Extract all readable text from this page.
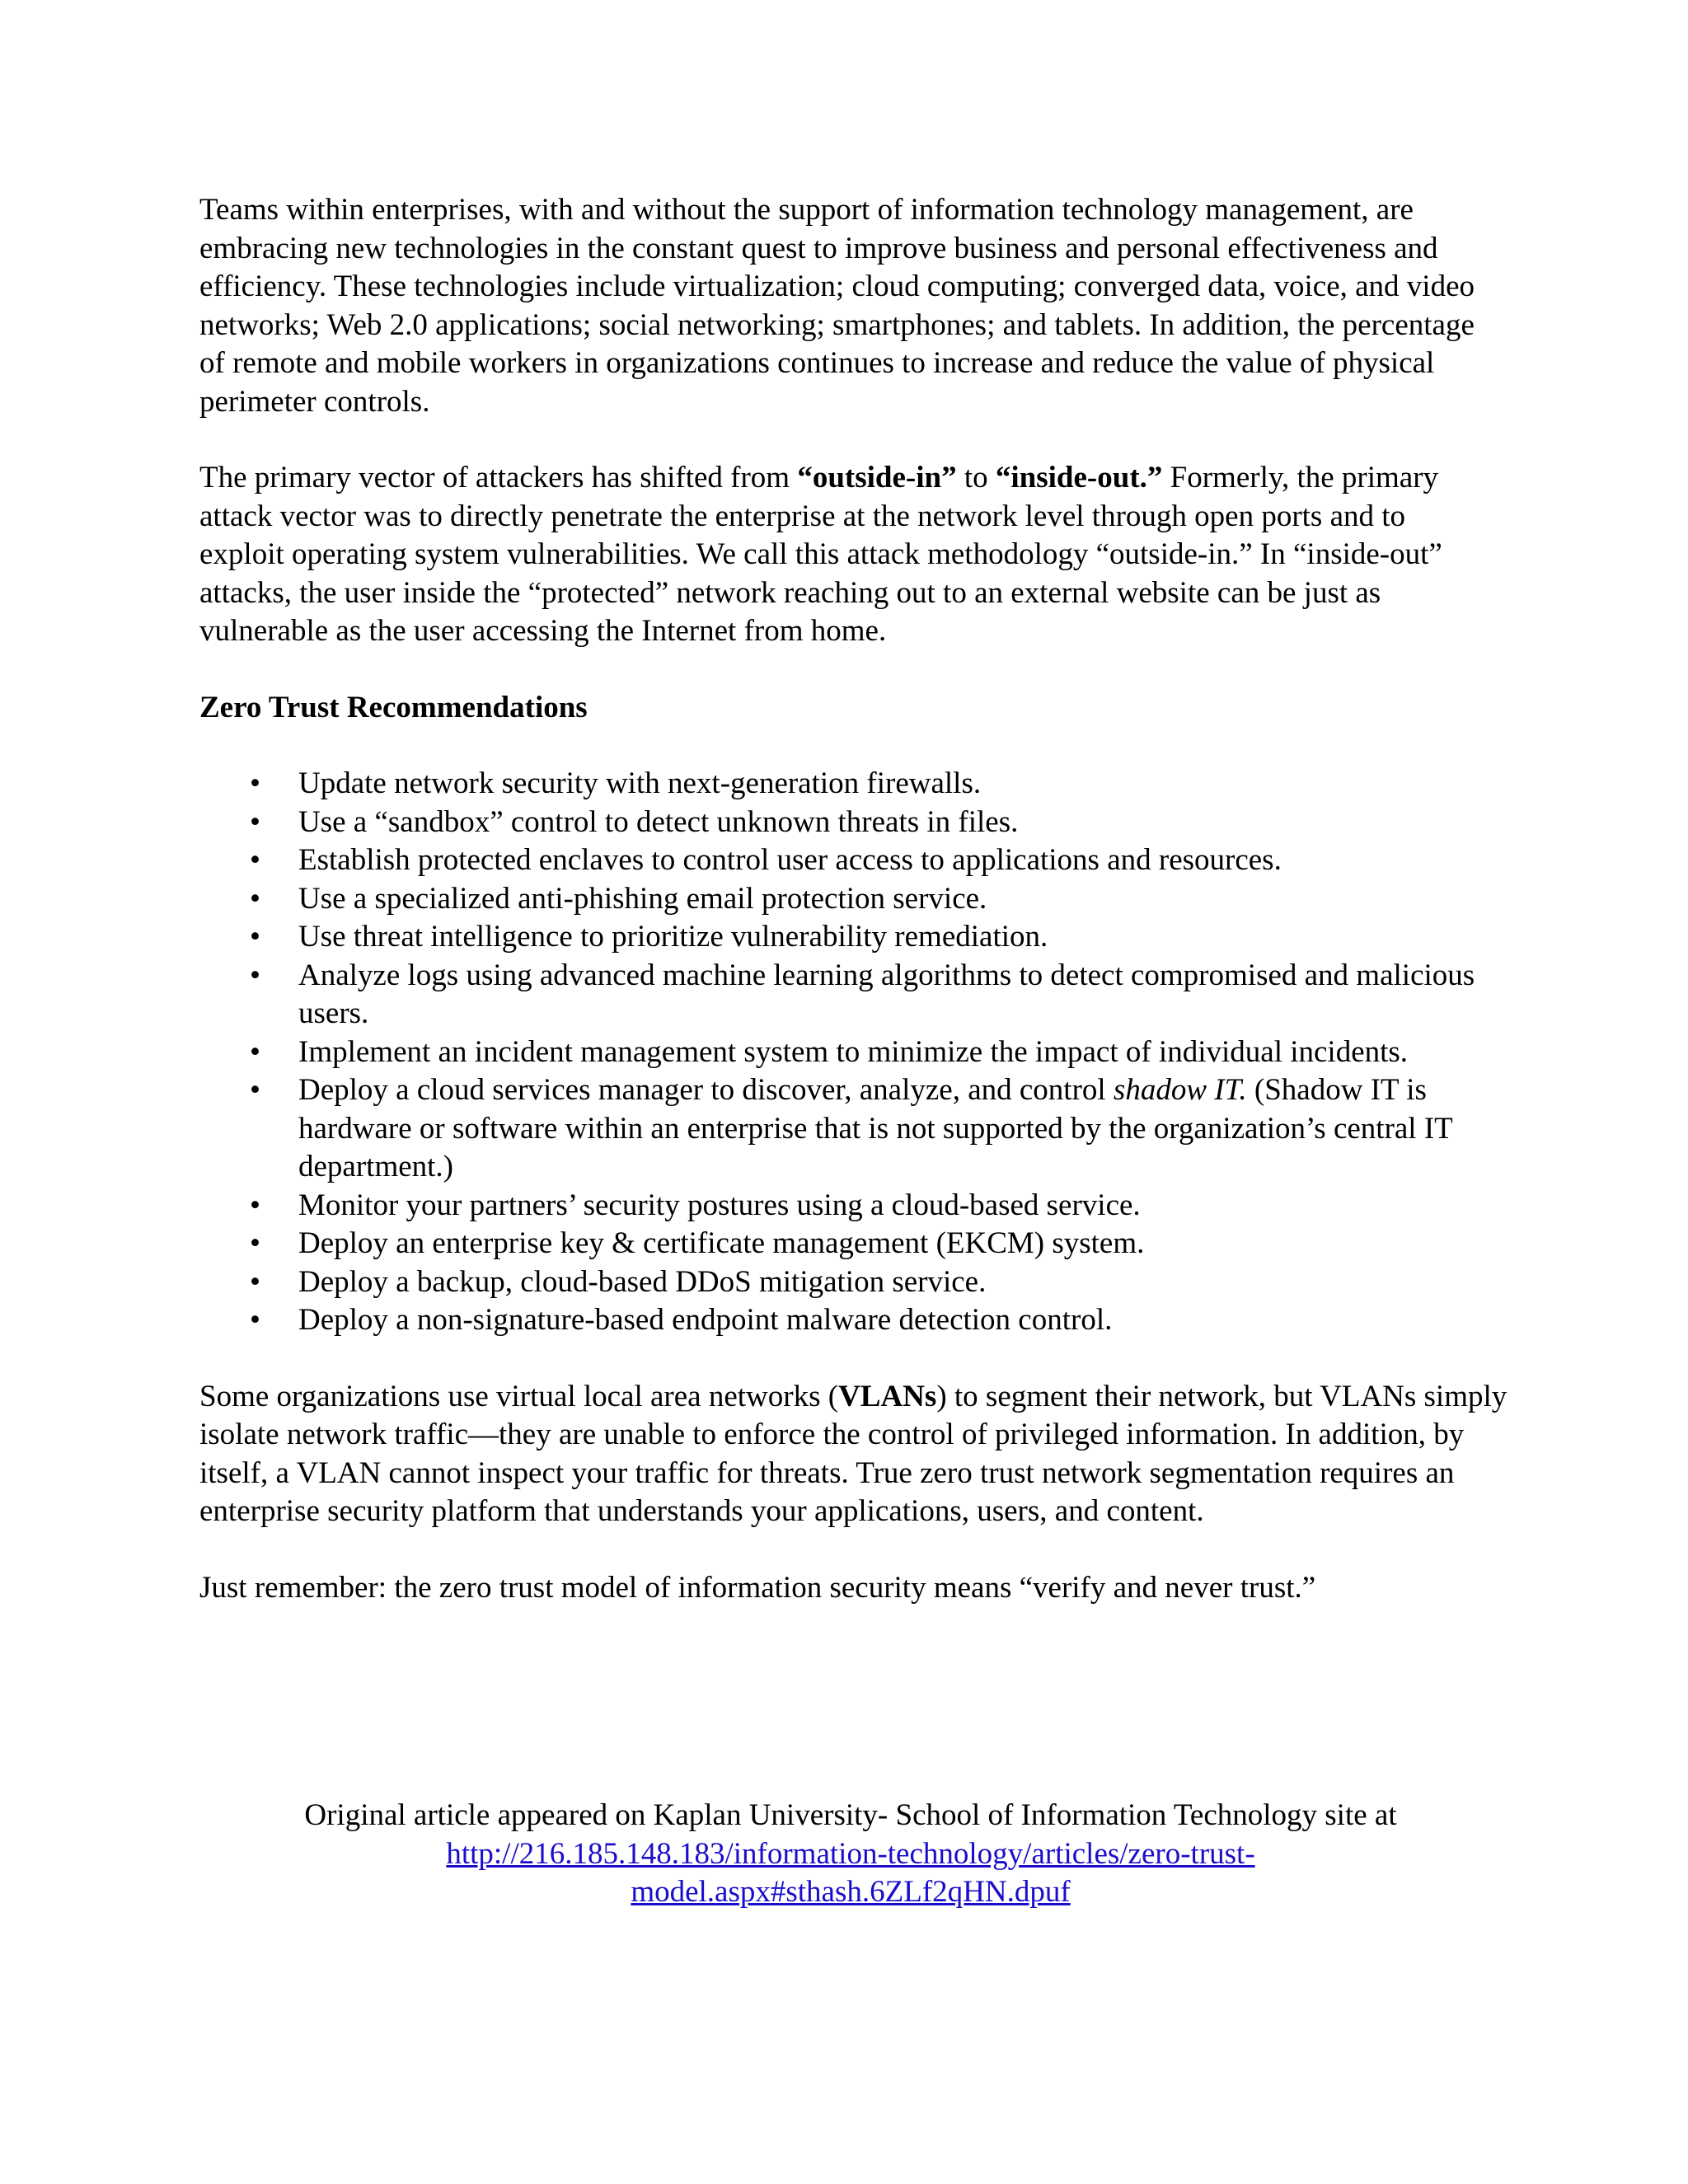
Teams within enterprises, with and without the support of information technology management, are embracing new technologies in the constant quest to improve business and personal effectiveness and efficiency. These technologies include virtualization; cloud computing; converged data, voice, and video networks; Web 2.0 applications; social networking; smartphones; and tablets. In addition, the percentage of remote and mobile workers in organizations continues to increase and reduce the value of physical perimeter controls.

The primary vector of attackers has shifted from “outside-in” to “inside-out.” Formerly, the primary attack vector was to directly penetrate the enterprise at the network level through open ports and to exploit operating system vulnerabilities. We call this attack methodology “outside-in.” In “inside-out” attacks, the user inside the “protected” network reaching out to an external website can be just as vulnerable as the user accessing the Internet from home.

Zero Trust Recommendations

• Update network security with next-generation firewalls.
• Use a “sandbox” control to detect unknown threats in files.
• Establish protected enclaves to control user access to applications and resources.
• Use a specialized anti-phishing email protection service.
• Use threat intelligence to prioritize vulnerability remediation.
• Analyze logs using advanced machine learning algorithms to detect compromised and malicious users.
• Implement an incident management system to minimize the impact of individual incidents.
• Deploy a cloud services manager to discover, analyze, and control shadow IT. (Shadow IT is hardware or software within an enterprise that is not supported by the organization’s central IT department.)
• Monitor your partners’ security postures using a cloud-based service.
• Deploy an enterprise key & certificate management (EKCM) system.
• Deploy a backup, cloud-based DDoS mitigation service.
• Deploy a non-signature-based endpoint malware detection control.

Some organizations use virtual local area networks (VLANs) to segment their network, but VLANs simply isolate network traffic—they are unable to enforce the control of privileged information. In addition, by itself, a VLAN cannot inspect your traffic for threats. True zero trust network segmentation requires an enterprise security platform that understands your applications, users, and content.

Just remember: the zero trust model of information security means “verify and never trust.”

Original article appeared on Kaplan University- School of Information Technology site at

http://216.185.148.183/information-technology/articles/zero-trust-
model.aspx#sthash.6ZLf2qHN.dpuf
